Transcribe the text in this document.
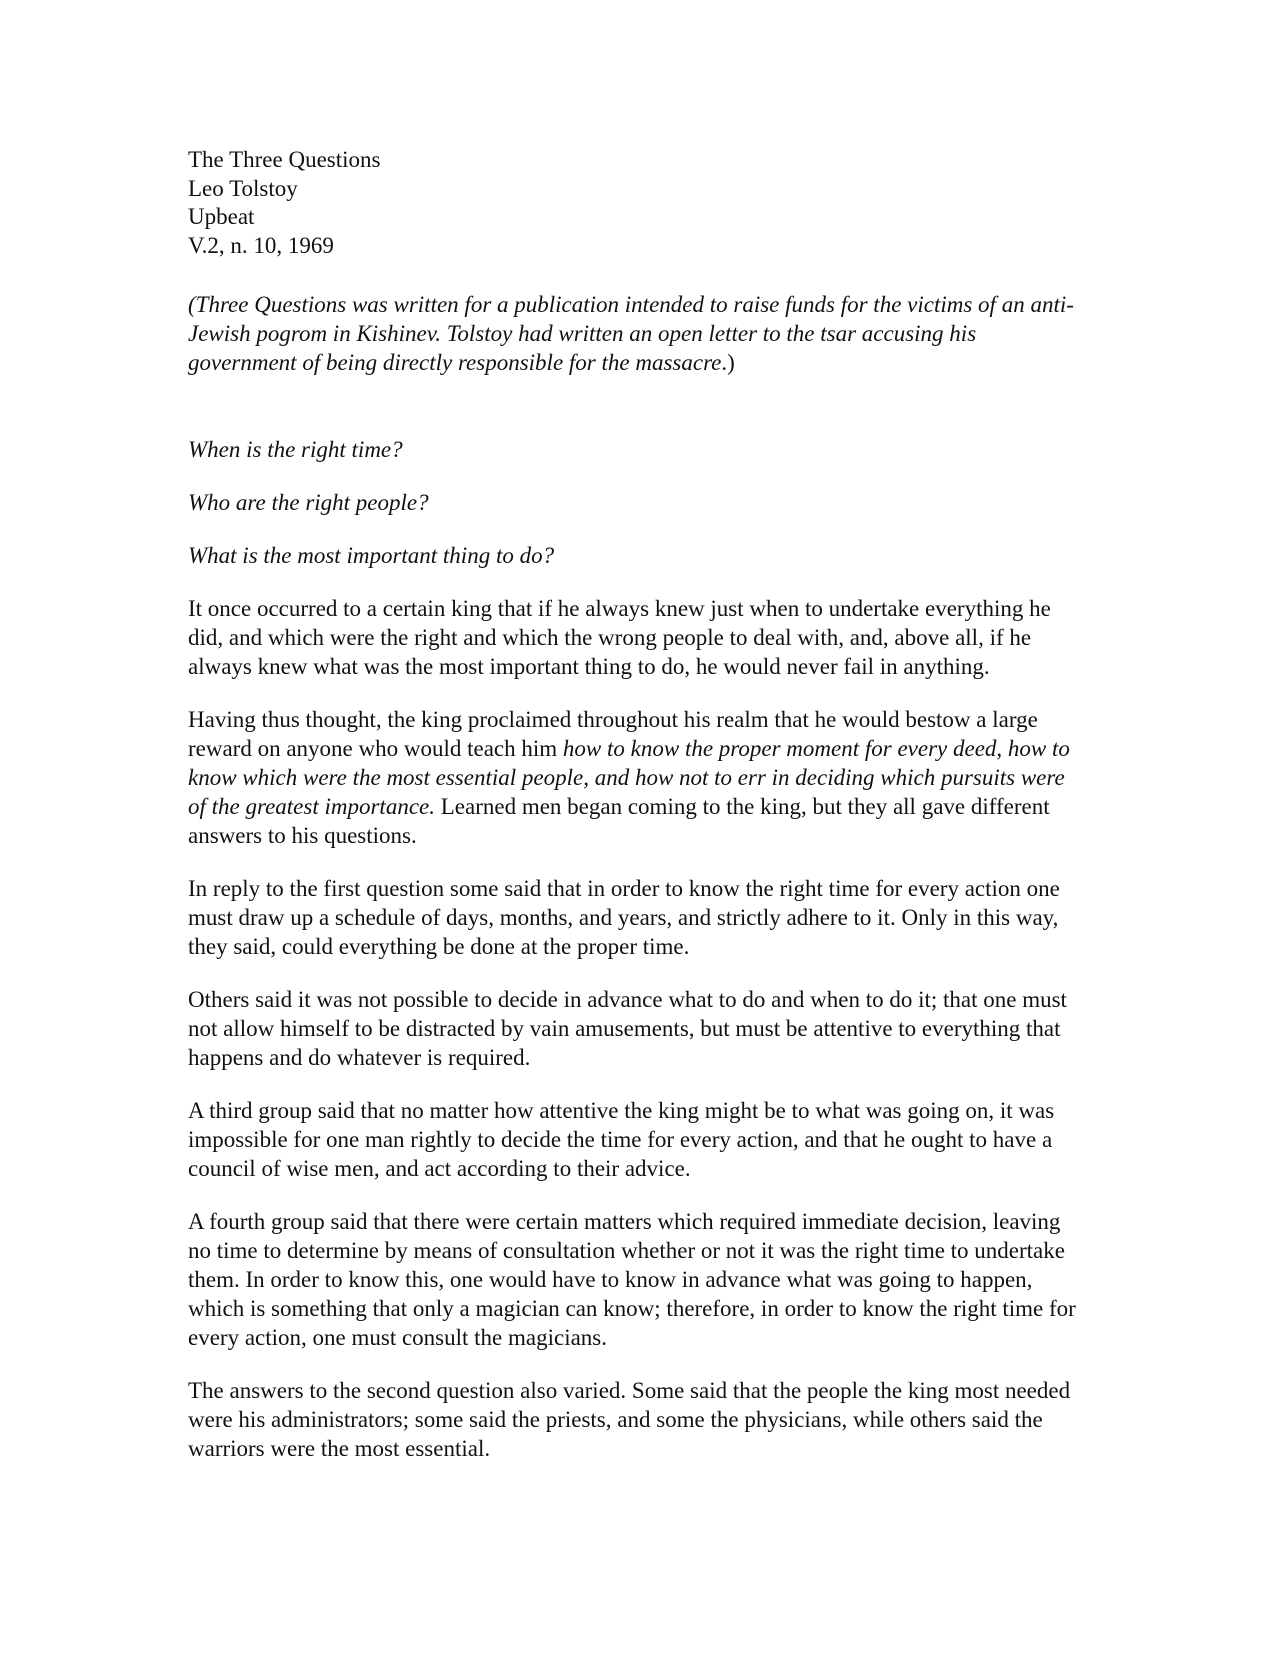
The Three Questions
Leo Tolstoy
Upbeat
V.2, n. 10, 1969

(Three Questions was written for a publication intended to raise funds for the victims of an anti-Jewish pogrom in Kishinev. Tolstoy had written an open letter to the tsar accusing his government of being directly responsible for the massacre.)

When is the right time?

Who are the right people?

What is the most important thing to do?

It once occurred to a certain king that if he always knew just when to undertake everything he did, and which were the right and which the wrong people to deal with, and, above all, if he always knew what was the most important thing to do, he would never fail in anything.

Having thus thought, the king proclaimed throughout his realm that he would bestow a large reward on anyone who would teach him how to know the proper moment for every deed, how to know which were the most essential people, and how not to err in deciding which pursuits were of the greatest importance. Learned men began coming to the king, but they all gave different answers to his questions.

In reply to the first question some said that in order to know the right time for every action one must draw up a schedule of days, months, and years, and strictly adhere to it. Only in this way, they said, could everything be done at the proper time.

Others said it was not possible to decide in advance what to do and when to do it; that one must not allow himself to be distracted by vain amusements, but must be attentive to everything that happens and do whatever is required.

A third group said that no matter how attentive the king might be to what was going on, it was impossible for one man rightly to decide the time for every action, and that he ought to have a council of wise men, and act according to their advice.

A fourth group said that there were certain matters which required immediate decision, leaving no time to determine by means of consultation whether or not it was the right time to undertake them. In order to know this, one would have to know in advance what was going to happen, which is something that only a magician can know; therefore, in order to know the right time for every action, one must consult the magicians.

The answers to the second question also varied. Some said that the people the king most needed were his administrators; some said the priests, and some the physicians, while others said the warriors were the most essential.
